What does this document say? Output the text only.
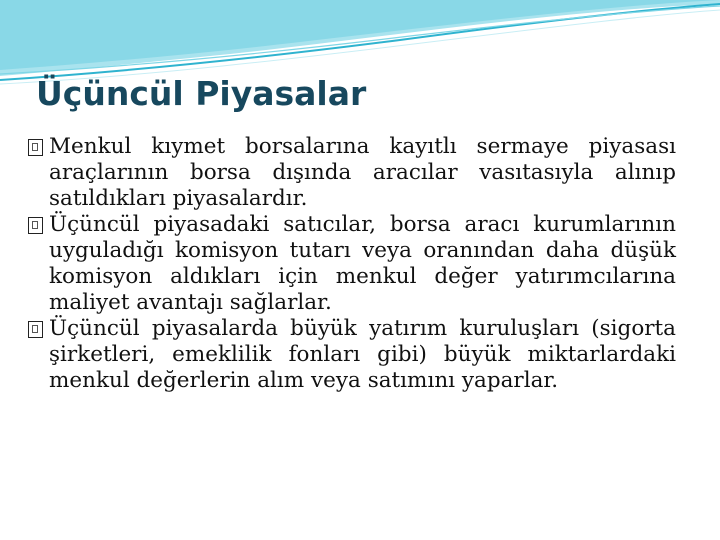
Üçüncül Piyasalar
Menkul kıymet borsalarına kayıtlı sermaye piyasası araçlarının borsa dışında aracılar vasıtasıyla alınıp satıldıkları piyasalardır.
Üçüncül piyasadaki satıcılar, borsa aracı kurumlarının uyguladığı komisyon tutarı veya oranından daha düşük komisyon aldıkları için menkul değer yatırımcılarına maliyet avantajı sağlarlar.
Üçüncül piyasalarda büyük yatırım kuruluşları (sigorta şirketleri, emeklilik fonları gibi) büyük miktarlardaki menkul değerlerin alım veya satımını yaparlar.
